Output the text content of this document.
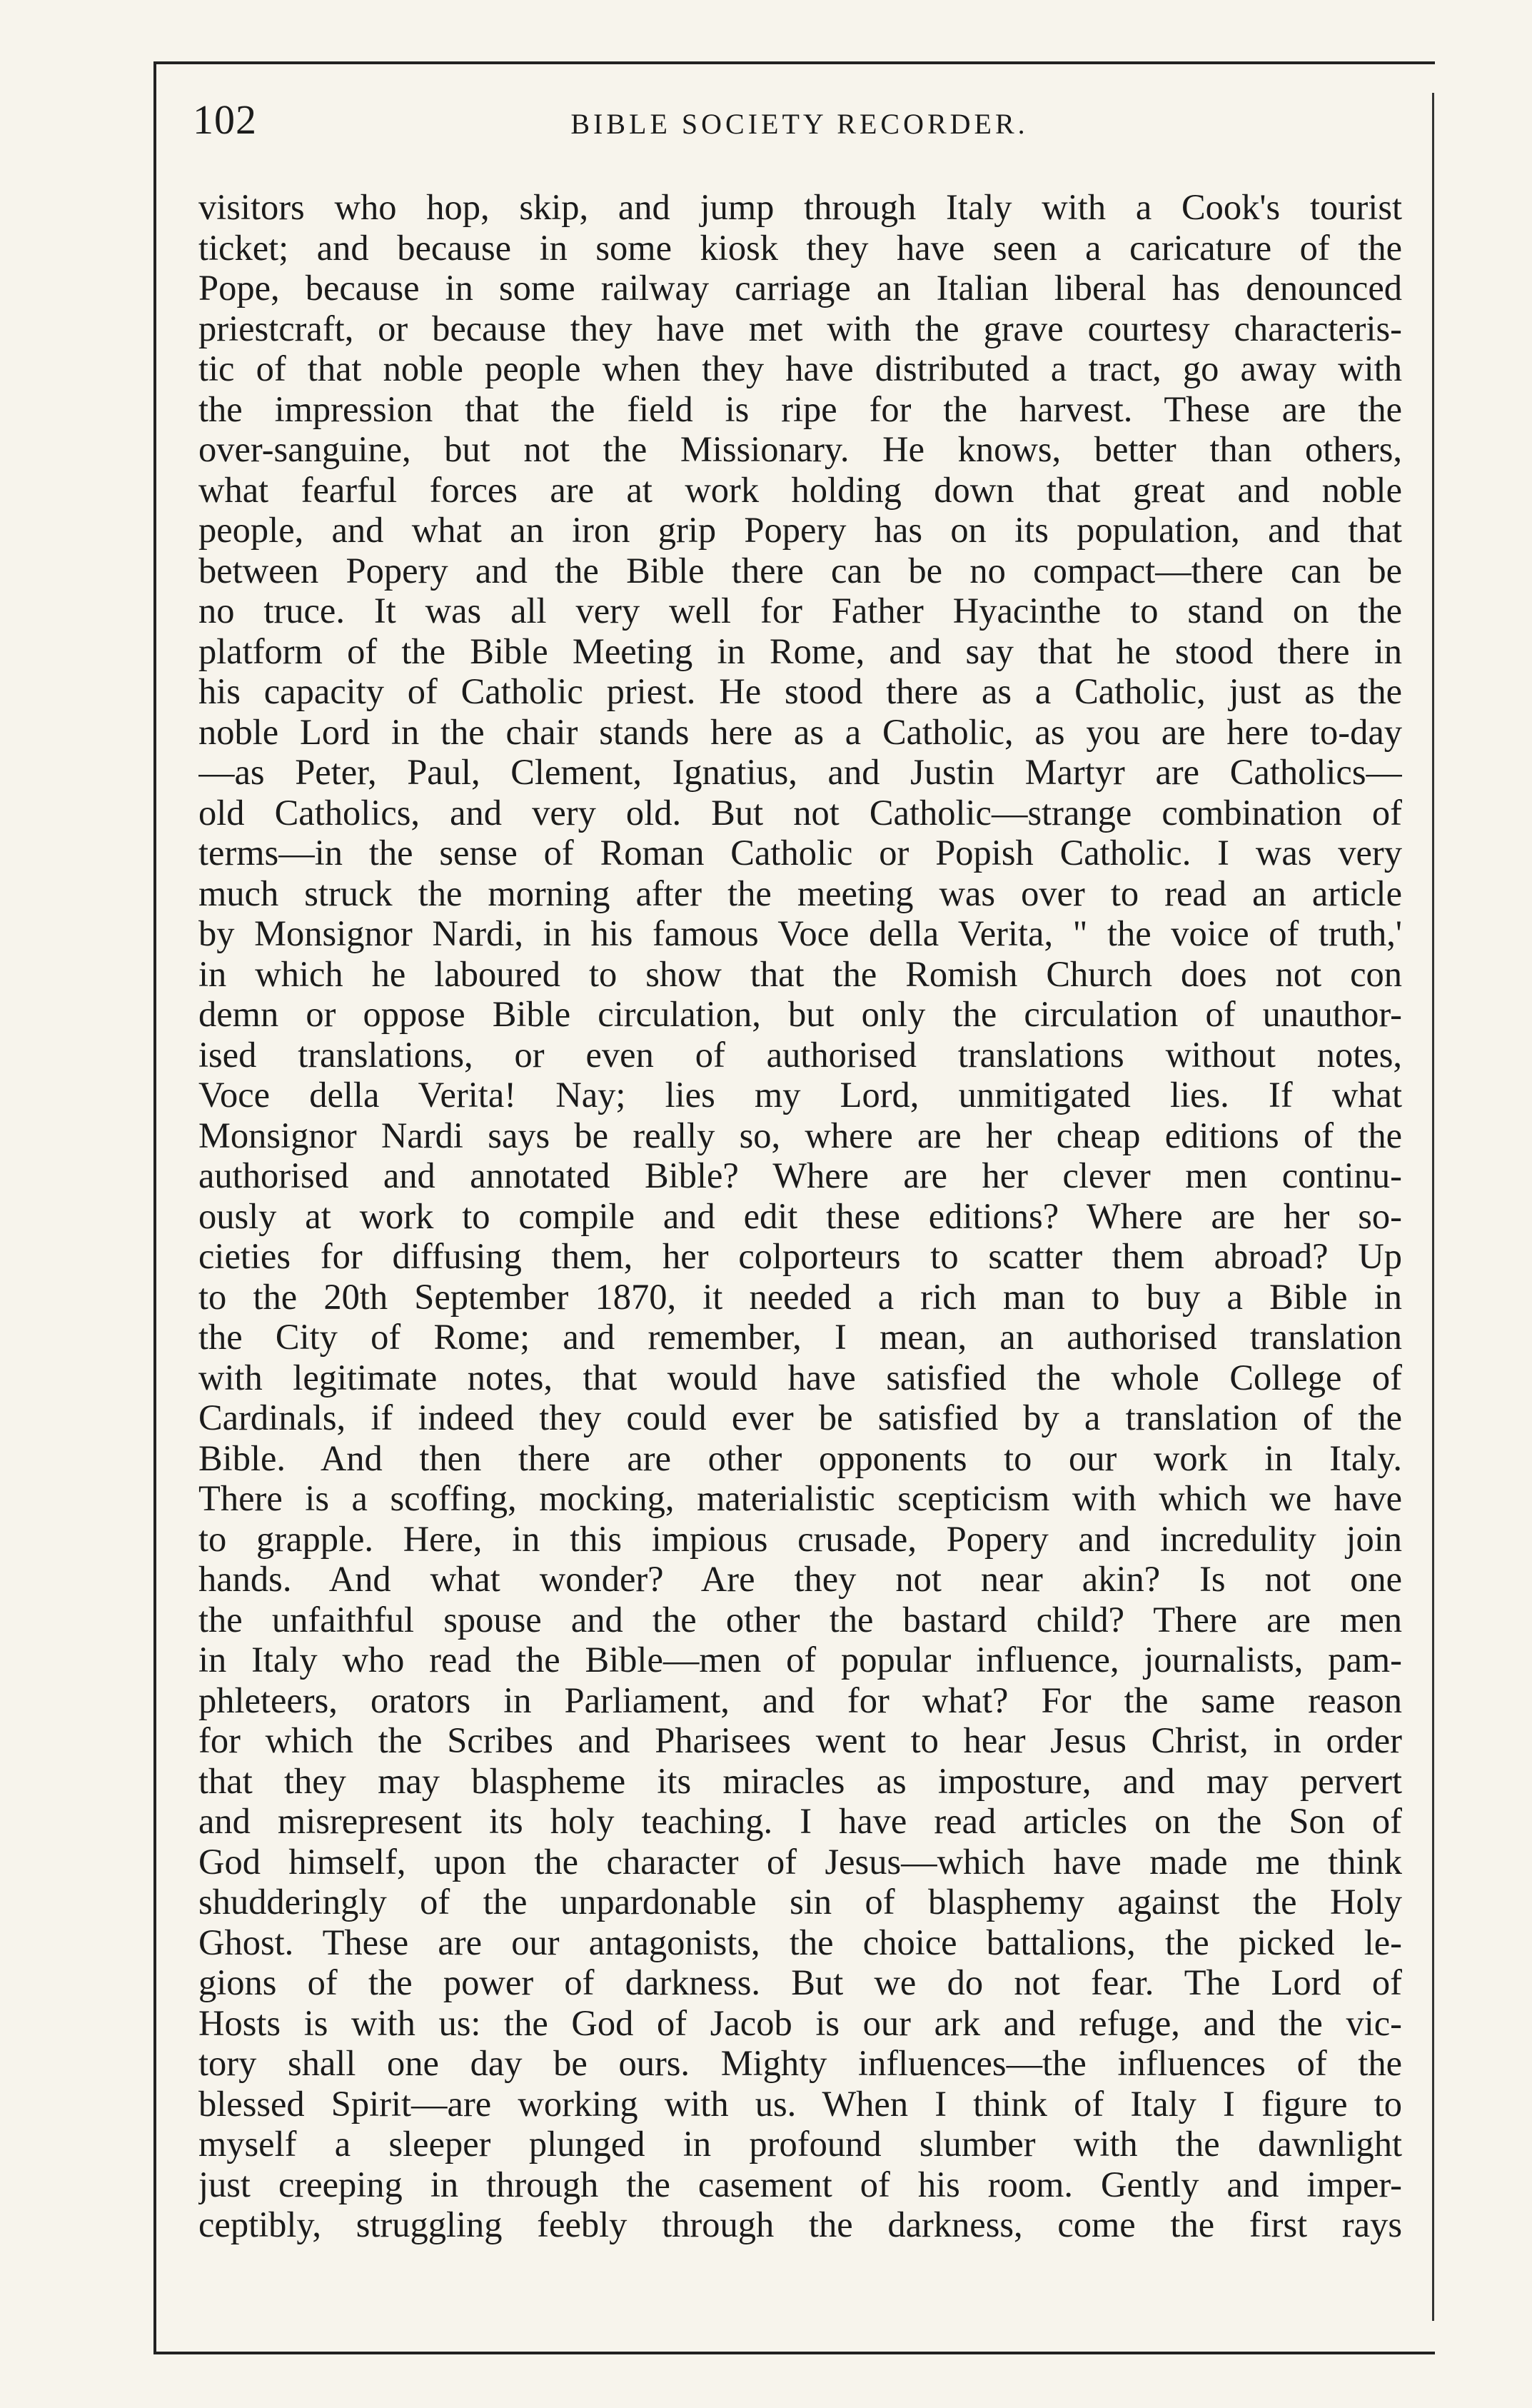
102	BIBLE SOCIETY RECORDER.
visitors who hop, skip, and jump through Italy with a Cook's tourist
ticket; and because in some kiosk they have seen a caricature of the
Pope, because in some railway carriage an Italian liberal has denounced
priestcraft, or because they have met with the grave courtesy characteris-
tic of that noble people when they have distributed a tract, go away with
the impression that the field is ripe for the harvest. These are the
over-sanguine, but not the Missionary. He knows, better than others,
what fearful forces are at work holding down that great and noble
people, and what an iron grip Popery has on its population, and that
between Popery and the Bible there can be no compact—there can be
no truce. It was all very well for Father Hyacinthe to stand on the
platform of the Bible Meeting in Rome, and say that he stood there in
his capacity of Catholic priest. He stood there as a Catholic, just as the
noble Lord in the chair stands here as a Catholic, as you are here to-day
—as Peter, Paul, Clement, Ignatius, and Justin Martyr are Catholics—
old Catholics, and very old. But not Catholic—strange combination of
terms—in the sense of Roman Catholic or Popish Catholic. I was very
much struck the morning after the meeting was over to read an article
by Monsignor Nardi, in his famous Voce della Verita, " the voice of truth,'
in which he laboured to show that the Romish Church does not con
demn or oppose Bible circulation, but only the circulation of unauthor-
ised translations, or even of authorised translations without notes,
Voce della Verita! Nay; lies my Lord, unmitigated lies. If what
Monsignor Nardi says be really so, where are her cheap editions of the
authorised and annotated Bible? Where are her clever men continu-
ously at work to compile and edit these editions? Where are her so-
cieties for diffusing them, her colporteurs to scatter them abroad? Up
to the 20th September 1870, it needed a rich man to buy a Bible in
the City of Rome; and remember, I mean, an authorised translation
with legitimate notes, that would have satisfied the whole College of
Cardinals, if indeed they could ever be satisfied by a translation of the
Bible. And then there are other opponents to our work in Italy.
There is a scoffing, mocking, materialistic scepticism with which we have
to grapple. Here, in this impious crusade, Popery and incredulity join
hands. And what wonder? Are they not near akin? Is not one
the unfaithful spouse and the other the bastard child? There are men
in Italy who read the Bible—men of popular influence, journalists, pam-
phleteers, orators in Parliament, and for what? For the same reason
for which the Scribes and Pharisees went to hear Jesus Christ, in order
that they may blaspheme its miracles as imposture, and may pervert
and misrepresent its holy teaching. I have read articles on the Son of
God himself, upon the character of Jesus—which have made me think
shudderingly of the unpardonable sin of blasphemy against the Holy
Ghost. These are our antagonists, the choice battalions, the picked le-
gions of the power of darkness. But we do not fear. The Lord of
Hosts is with us: the God of Jacob is our ark and refuge, and the vic-
tory shall one day be ours. Mighty influences—the influences of the
blessed Spirit—are working with us. When I think of Italy I figure to
myself a sleeper plunged in profound slumber with the dawnlight
just creeping in through the casement of his room. Gently and imper-
ceptibly, struggling feebly through the darkness, come the first rays
